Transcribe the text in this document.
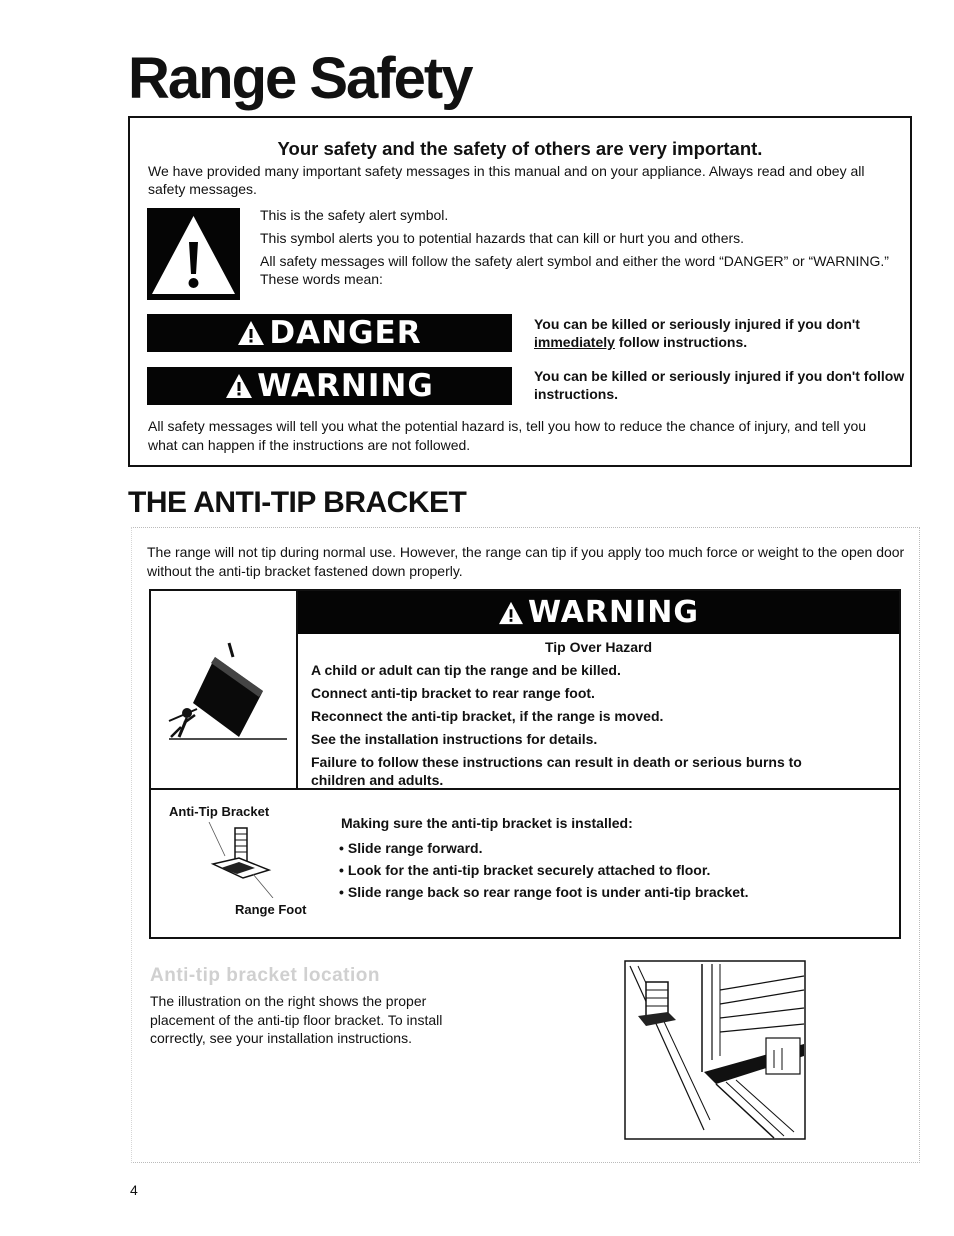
Range Safety
Your safety and the safety of others are very important.

We have provided many important safety messages in this manual and on your appliance. Always read and obey all safety messages.

This is the safety alert symbol.

This symbol alerts you to potential hazards that can kill or hurt you and others.

All safety messages will follow the safety alert symbol and either the word “DANGER” or “WARNING.” These words mean:

DANGER	You can be killed or seriously injured if you don't immediately follow instructions.
WARNING	You can be killed or seriously injured if you don't follow instructions.

All safety messages will tell you what the potential hazard is, tell you how to reduce the chance of injury, and tell you what can happen if the instructions are not followed.

THE ANTI-TIP BRACKET

The range will not tip during normal use. However, the range can tip if you apply too much force or weight to the open door without the anti-tip bracket fastened down properly.

WARNING
Tip Over Hazard

A child or adult can tip the range and be killed.

Connect anti-tip bracket to rear range foot.

Reconnect the anti-tip bracket, if the range is moved.

See the installation instructions for details.

Failure to follow these instructions can result in death or serious burns to children and adults.

Anti-Tip Bracket
Range Foot
Making sure the anti-tip bracket is installed:
• Slide range forward.
• Look for the anti-tip bracket securely attached to floor.
• Slide range back so rear range foot is under anti-tip bracket.
Anti-tip bracket location

The illustration on the right shows the proper placement of the anti-tip floor bracket. To install correctly, see your installation instructions.

4
